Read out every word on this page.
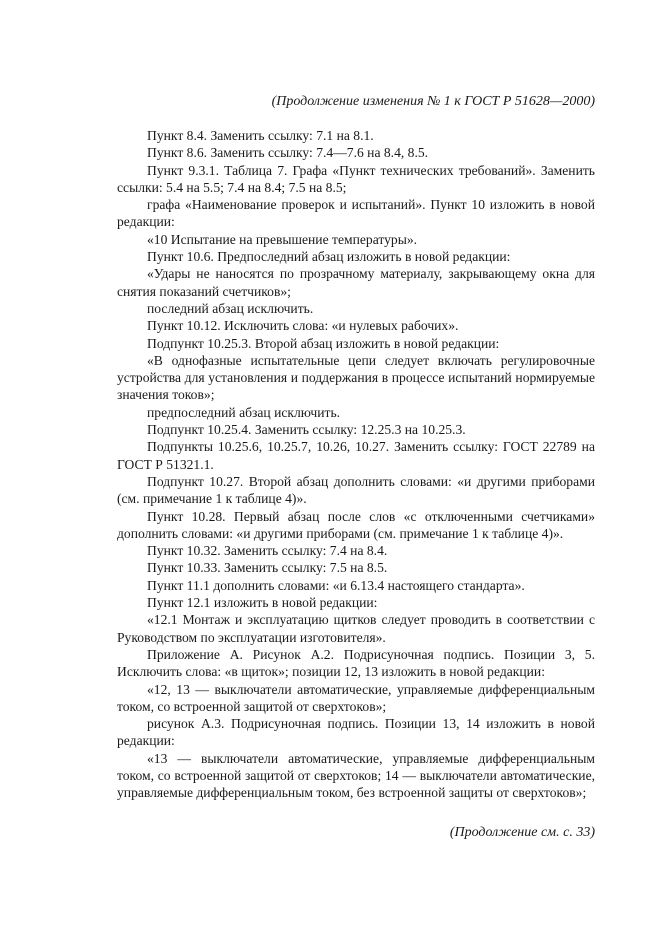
(Продолжение изменения № 1 к ГОСТ Р 51628—2000)

Пункт 8.4. Заменить ссылку: 7.1 на 8.1.

Пункт 8.6. Заменить ссылку: 7.4—7.6 на 8.4, 8.5.

Пункт 9.3.1. Таблица 7. Графа «Пункт технических требований». Заменить ссылки: 5.4 на 5.5; 7.4 на 8.4; 7.5 на 8.5;

графа «Наименование проверок и испытаний». Пункт 10 изложить в новой редакции:

«10 Испытание на превышение температуры».

Пункт 10.6. Предпоследний абзац изложить в новой редакции:

«Удары не наносятся по прозрачному материалу, закрывающему окна для снятия показаний счетчиков»;

последний абзац исключить.

Пункт 10.12. Исключить слова: «и нулевых рабочих».

Подпункт 10.25.3. Второй абзац изложить в новой редакции:

«В однофазные испытательные цепи следует включать регулировочные устройства для установления и поддержания в процессе испытаний нормируемые значения токов»;

предпоследний абзац исключить.

Подпункт 10.25.4. Заменить ссылку: 12.25.3 на 10.25.3.

Подпункты 10.25.6, 10.25.7, 10.26, 10.27. Заменить ссылку: ГОСТ 22789 на ГОСТ Р 51321.1.

Подпункт 10.27. Второй абзац дополнить словами: «и другими приборами (см. примечание 1 к таблице 4)».

Пункт 10.28. Первый абзац после слов «с отключенными счетчиками» дополнить словами: «и другими приборами (см. примечание 1 к таблице 4)».

Пункт 10.32. Заменить ссылку: 7.4 на 8.4.

Пункт 10.33. Заменить ссылку: 7.5 на 8.5.

Пункт 11.1 дополнить словами: «и 6.13.4 настоящего стандарта».

Пункт 12.1 изложить в новой редакции:

«12.1 Монтаж и эксплуатацию щитков следует проводить в соответствии с Руководством по эксплуатации изготовителя».

Приложение А. Рисунок А.2. Подрисуночная подпись. Позиции 3, 5. Исключить слова: «в щиток»; позиции 12, 13 изложить в новой редакции:

«12, 13 — выключатели автоматические, управляемые дифференциальным током, со встроенной защитой от сверхтоков»;

рисунок А.3. Подрисуночная подпись. Позиции 13, 14 изложить в новой редакции:

«13 — выключатели автоматические, управляемые дифференциальным током, со встроенной защитой от сверхтоков; 14 — выключатели автоматические, управляемые дифференциальным током, без встроенной защиты от сверхтоков»;

(Продолжение см. с. 33)
